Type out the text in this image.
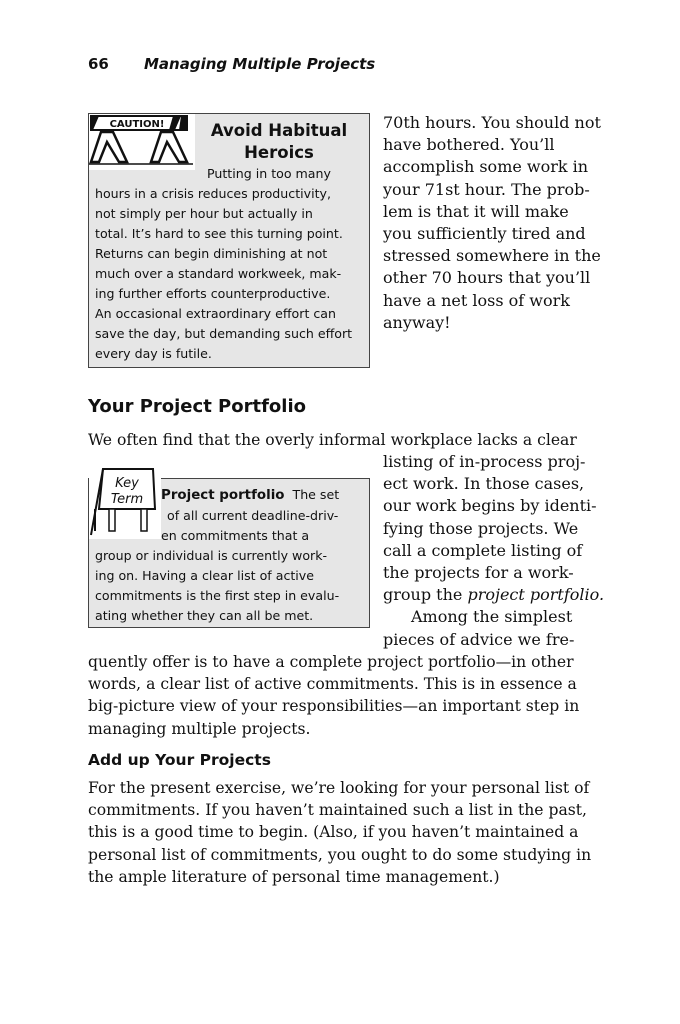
66 Managing Multiple Projects
CAUTION!	Avoid Habitual
Heroics
Putting in too many
hours in a crisis reduces productivity,
not simply per hour but actually in
total. It’s hard to see this turning point.
Returns can begin diminishing at not
much over a standard workweek, mak-
ing further efforts counterproductive.
An occasional extraordinary effort can
save the day, but demanding such effort
every day is futile.
70th hours. You should not
have bothered. You’ll
accomplish some work in
your 71st hour. The prob-
lem is that it will make
you sufficiently tired and
stressed somewhere in the
other 70 hours that you’ll
have a net loss of work
anyway!
Your Project Portfolio
We often find that the overly informal workplace lacks a clear
Key
Term	Project portfolio The set
of all current deadline-driv-
en commitments that a
group or individual is currently work-
ing on. Having a clear list of active
commitments is the first step in evalu-
ating whether they can all be met.
listing of in-process proj-
ect work. In those cases,
our work begins by identi-
fying those projects. We
call a complete listing of
the projects for a work-
group the project portfolio.
Among the simplest
pieces of advice we fre-
quently offer is to have a complete project portfolio—in other
words, a clear list of active commitments. This is in essence a
big-picture view of your responsibilities—an important step in
managing multiple projects.
Add up Your Projects
For the present exercise, we’re looking for your personal list of
commitments. If you haven’t maintained such a list in the past,
this is a good time to begin. (Also, if you haven’t maintained a
personal list of commitments, you ought to do some studying in
the ample literature of personal time management.)
